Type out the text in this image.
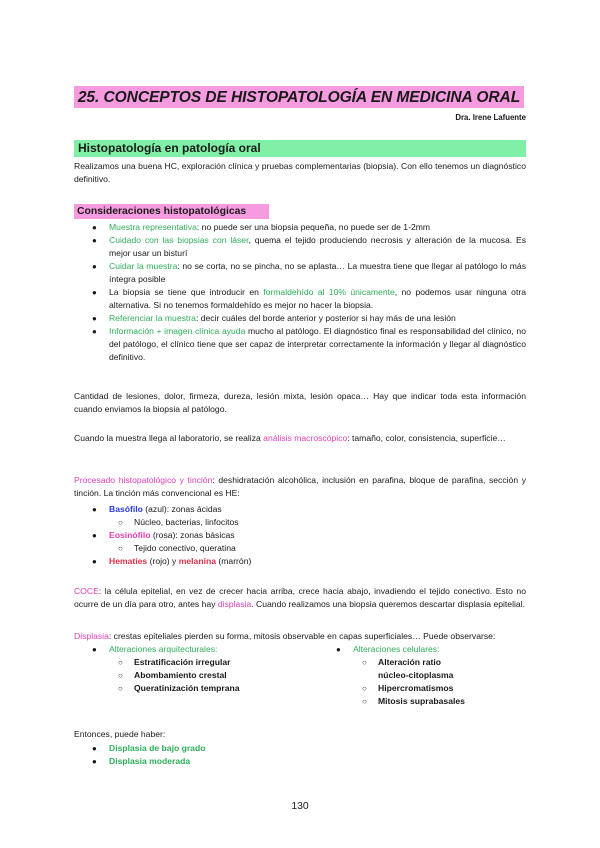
25. CONCEPTOS DE HISTOPATOLOGÍA EN MEDICINA ORAL
Dra. Irene Lafuente
Histopatología en patología oral
Realizamos una buena HC, exploración clínica y pruebas complementarias (biopsia). Con ello tenemos un diagnóstico definitivo.
Consideraciones histopatológicas
● Muestra representativa: no puede ser una biopsia pequeña, no puede ser de 1-2mm
● Cuidado con las biopsias con láser, quema el tejido produciendo necrosis y alteración de la mucosa. Es mejor usar un bisturí
● Cuidar la muestra: no se corta, no se pincha, no se aplasta… La muestra tiene que llegar al patólogo lo más íntegra posible
● La biopsia se tiene que introducir en formaldehído al 10% únicamente, no podemos usar ninguna otra alternativa. Si no tenemos formaldehído es mejor no hacer la biopsia.
● Referenciar la muestra: decir cuáles del borde anterior y posterior si hay más de una lesión
● Información + imagen clínica ayuda mucho al patólogo. El diagnóstico final es responsabilidad del clínico, no del patólogo, el clínico tiene que ser capaz de interpretar correctamente la información y llegar al diagnóstico definitivo.
Cantidad de lesiones, dolor, firmeza, dureza, lesión mixta, lesión opaca… Hay que indicar toda esta información cuando enviamos la biopsia al patólogo.
Cuando la muestra llega al laboratorio, se realiza análisis macroscópico: tamaño, color, consistencia, superficie…
Procesado histopatológico y tinción: deshidratación alcohólica, inclusión en parafina, bloque de parafina, sección y tinción. La tinción más convencional es HE:
● Basófilo (azul): zonas ácidas
○ Núcleo, bacterias, linfocitos
● Eosinófilo (rosa): zonas básicas
○ Tejido conectivo, queratina
● Hematíes (rojo) y melanina (marrón)
COCE: la célula epitelial, en vez de crecer hacia arriba, crece hacia abajo, invadiendo el tejido conectivo. Esto no ocurre de un día para otro, antes hay displasia. Cuando realizamos una biopsia queremos descartar displasia epitelial.
Displasia: crestas epiteliales pierden su forma, mitosis observable en capas superficiales… Puede observarse:
● Alteraciones arquitecturales:
○ Estratificación irregular
○ Abombamiento crestal
○ Queratinización temprana
● Alteraciones celulares:
○ Alteración ratio núcleo-citoplasma
○ Hipercromatismos
○ Mitosis suprabasales
Entonces, puede haber:
● Displasia de bajo grado
● Displasia moderada
130
